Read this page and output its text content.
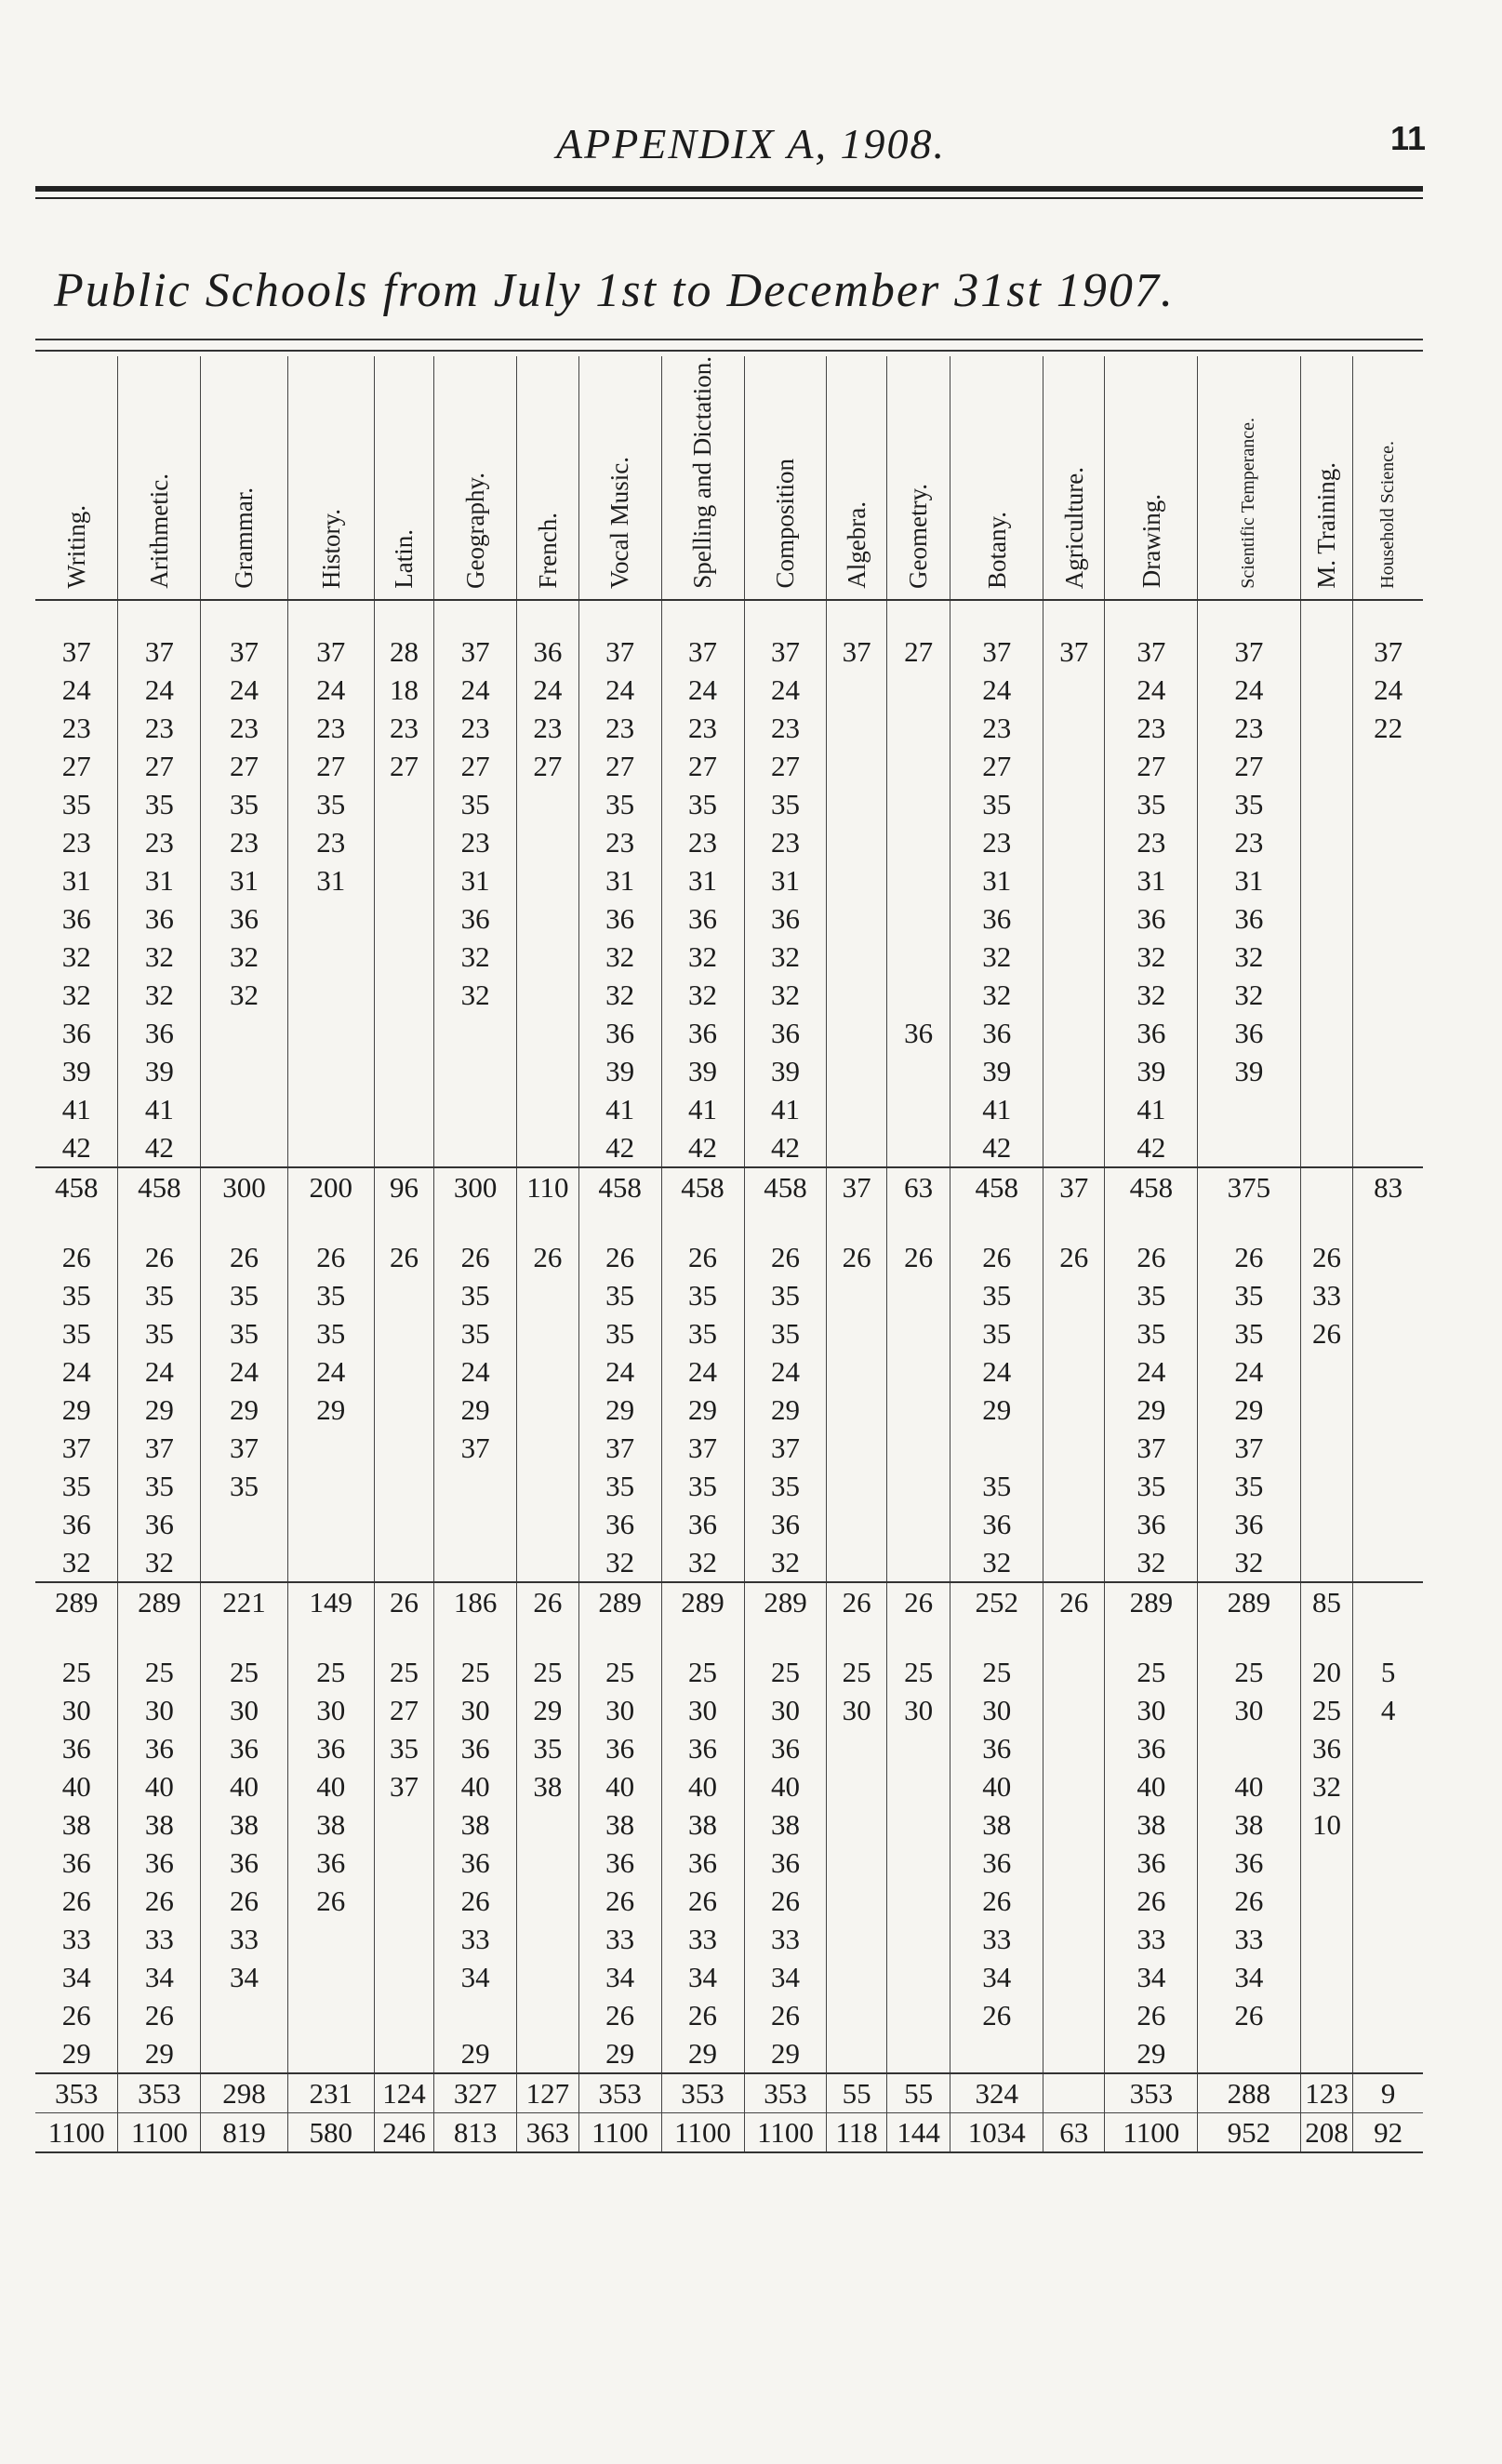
APPENDIX A, 1908.	11
Public Schools from July 1st to December 31st 1907.
Writing.	Arithmetic.	Grammar.	History.	Latin.	Geography.	French.	Vocal Music.	Spelling and Dictation.	Composition	Algebra.	Geometry.	Botany.	Agriculture.	Drawing.	Scientific Temperance.	M. Training.	Household Science.

37	37	37	37	28	37	36	37	37	37	37	27	37	37	37	37		37
24	24	24	24	18	24	24	24	24	24			24		24	24		24
23	23	23	23	23	23	23	23	23	23			23		23	23		22
27	27	27	27	27	27	27	27	27	27			27		27	27		
35	35	35	35		35		35	35	35			35		35	35		
23	23	23	23		23		23	23	23			23		23	23		
31	31	31	31		31		31	31	31			31		31	31		
36	36	36			36		36	36	36			36		36	36		
32	32	32			32		32	32	32			32		32	32		
32	32	32			32		32	32	32			32		32	32		
36	36						36	36	36		36	36		36	36		
39	39						39	39	39			39		39	39		
41	41						41	41	41			41		41			
42	42						42	42	42			42		42			
458	458	300	200	96	300	110	458	458	458	37	63	458	37	458	375		83

26	26	26	26	26	26	26	26	26	26	26	26	26	26	26	26	26	
35	35	35	35		35		35	35	35			35		35	35	33	
35	35	35	35		35		35	35	35			35		35	35	26	
24	24	24	24		24		24	24	24			24		24	24		
29	29	29	29		29		29	29	29			29		29	29		
37	37	37			37		37	37	37					37	37		
35	35	35					35	35	35			35		35	35		
36	36						36	36	36			36		36	36		
32	32						32	32	32			32		32	32		
289	289	221	149	26	186	26	289	289	289	26	26	252	26	289	289	85	

25	25	25	25	25	25	25	25	25	25	25	25	25		25	25	20	5
30	30	30	30	27	30	29	30	30	30	30	30	30		30	30	25	4
36	36	36	36	35	36	35	36	36	36			36		36		36	
40	40	40	40	37	40	38	40	40	40			40		40	40	32	
38	38	38	38		38		38	38	38			38		38	38	10	
36	36	36	36		36		36	36	36			36		36	36		
26	26	26	26		26		26	26	26			26		26	26		
33	33	33			33		33	33	33			33		33	33		
34	34	34			34		34	34	34			34		34	34		
26	26						26	26	26			26		26	26		
29	29				29		29	29	29					29			
353	353	298	231	124	327	127	353	353	353	55	55	324		353	288	123	9
1100	1100	819	580	246	813	363	1100	1100	1100	118	144	1034	63	1100	952	208	92
